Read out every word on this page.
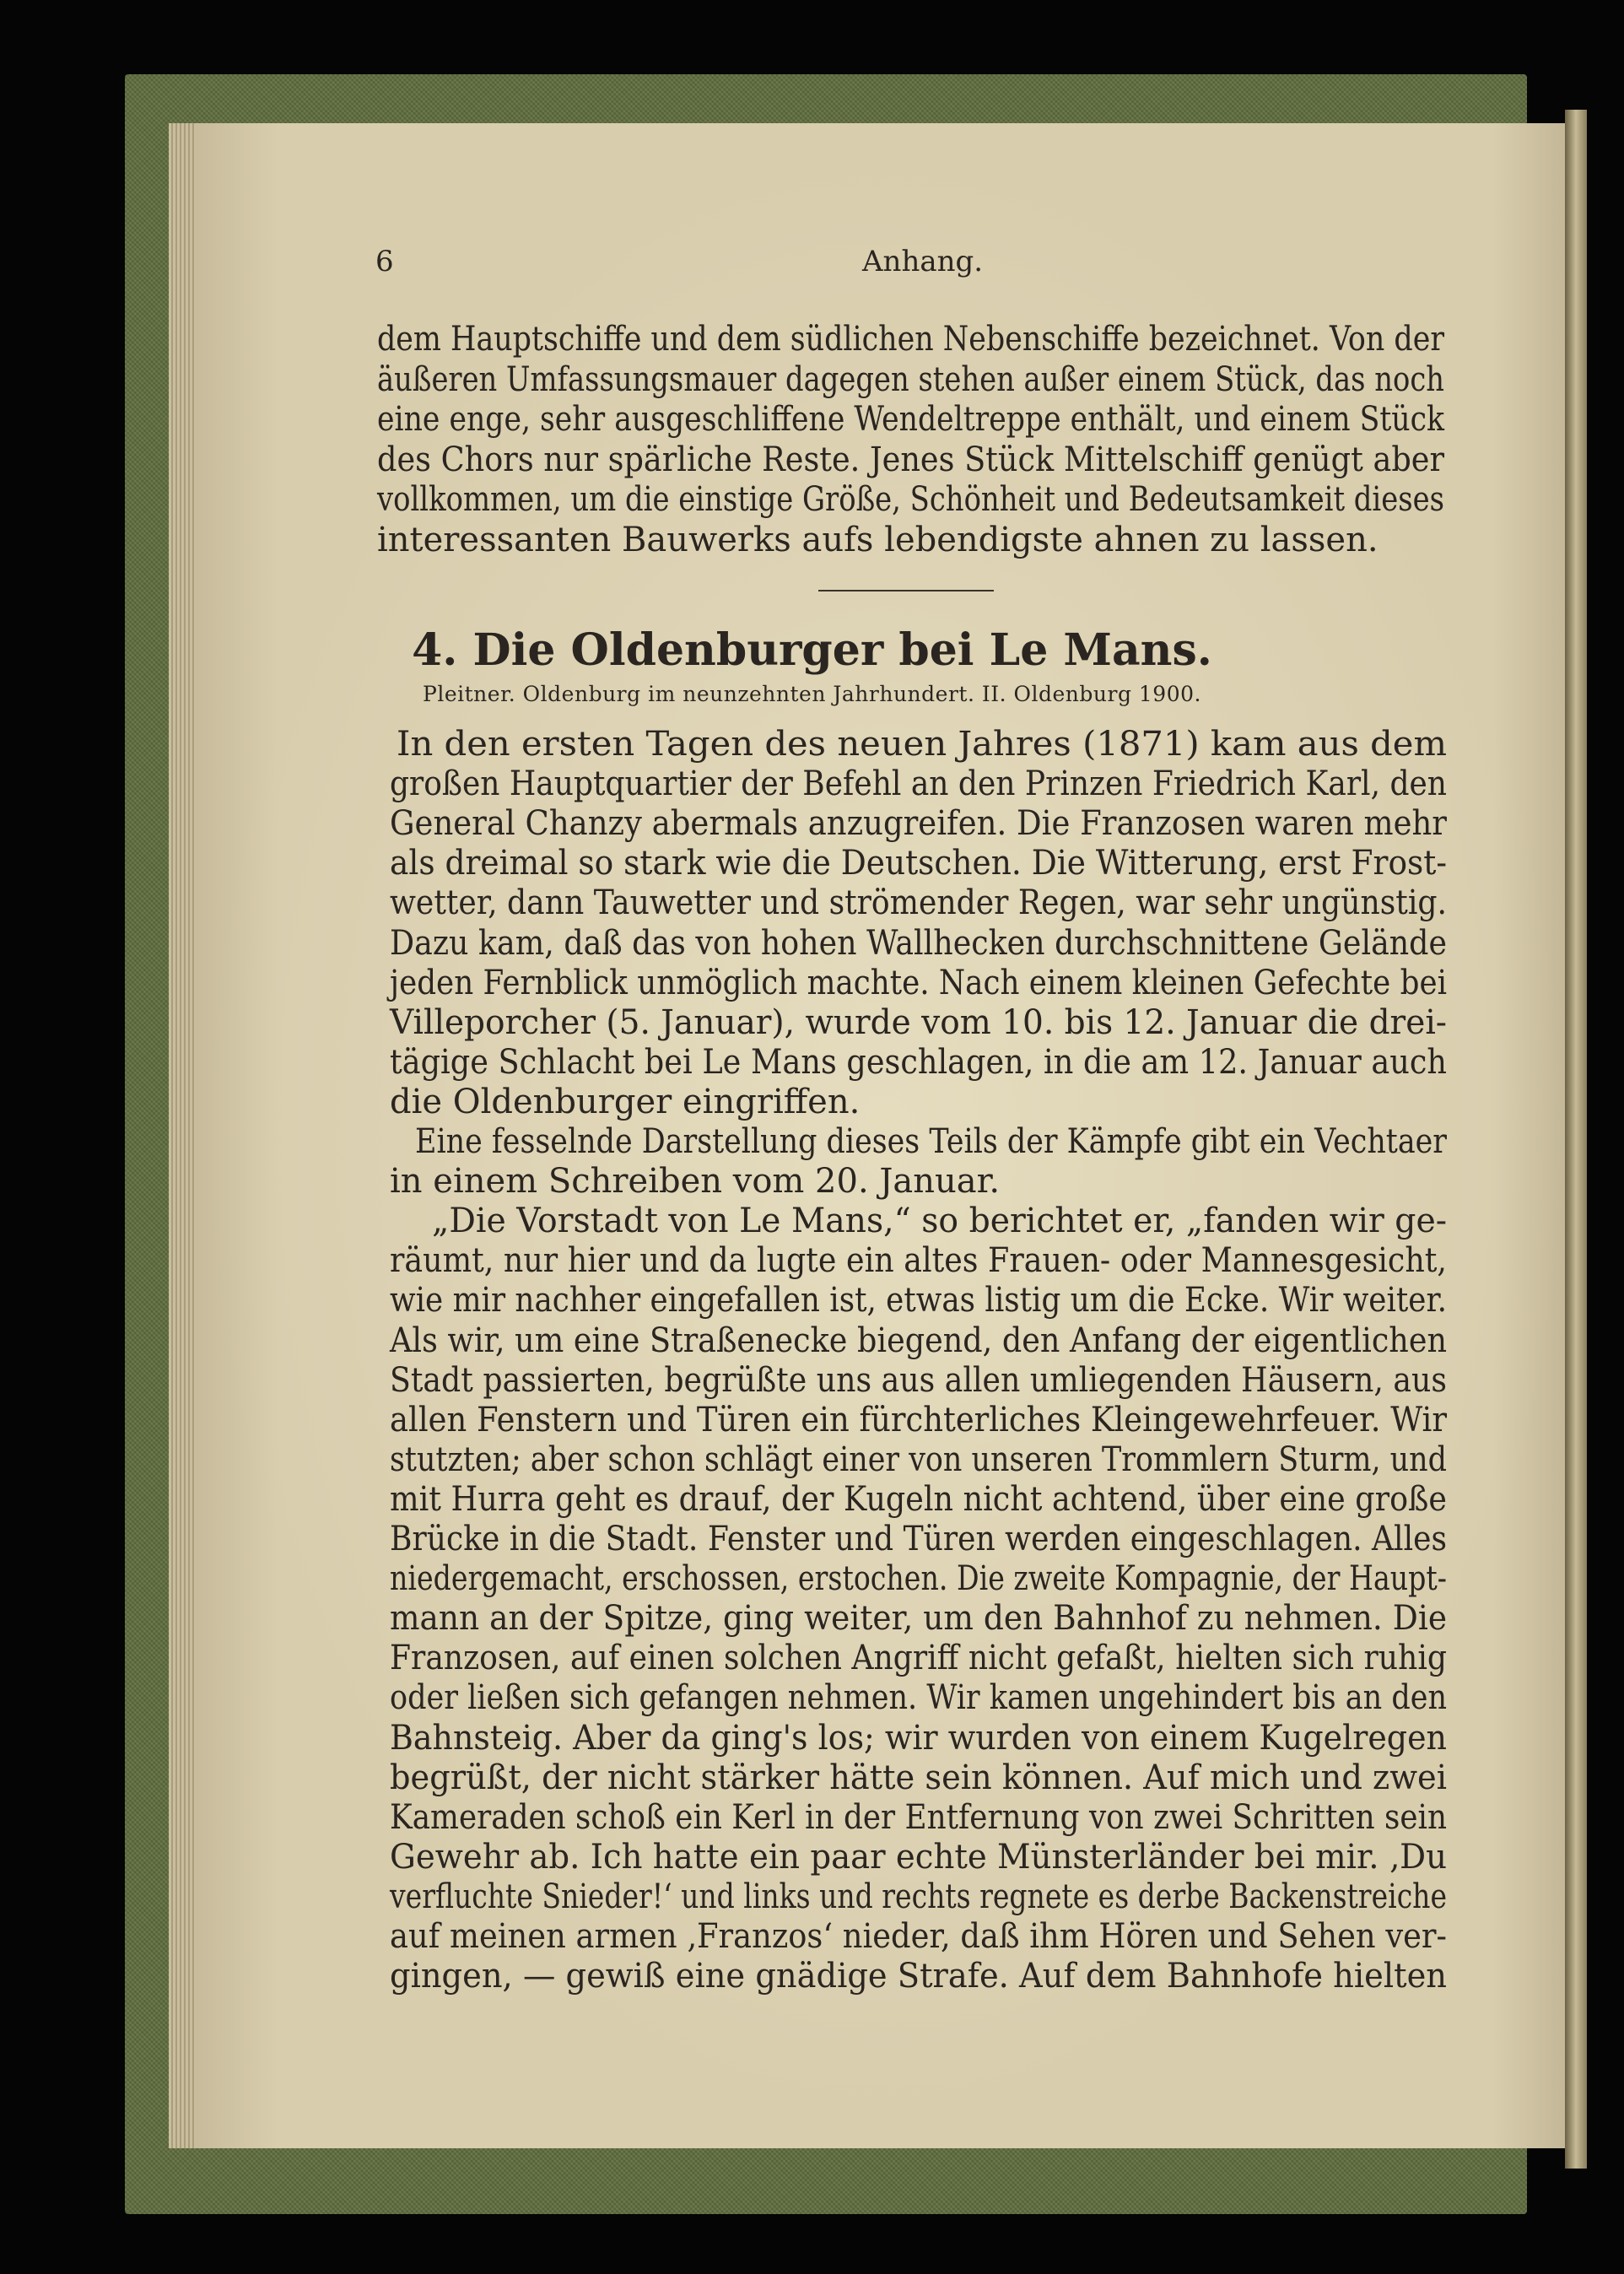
6	Anhang.
dem Hauptschiffe und dem südlichen Nebenschiffe bezeichnet. Von der
äußeren Umfassungsmauer dagegen stehen außer einem Stück, das noch
eine enge, sehr ausgeschliffene Wendeltreppe enthält, und einem Stück
des Chors nur spärliche Reste. Jenes Stück Mittelschiff genügt aber
vollkommen, um die einstige Größe, Schönheit und Bedeutsamkeit dieses
interessanten Bauwerks aufs lebendigste ahnen zu lassen.
4. Die Oldenburger bei Le Mans.
Pleitner. Oldenburg im neunzehnten Jahrhundert. II. Oldenburg 1900.
In den ersten Tagen des neuen Jahres (1871) kam aus dem
großen Hauptquartier der Befehl an den Prinzen Friedrich Karl, den
General Chanzy abermals anzugreifen. Die Franzosen waren mehr
als dreimal so stark wie die Deutschen. Die Witterung, erst Frost-
wetter, dann Tauwetter und strömender Regen, war sehr ungünstig.
Dazu kam, daß das von hohen Wallhecken durchschnittene Gelände
jeden Fernblick unmöglich machte. Nach einem kleinen Gefechte bei
Villeporcher (5. Januar), wurde vom 10. bis 12. Januar die drei-
tägige Schlacht bei Le Mans geschlagen, in die am 12. Januar auch
die Oldenburger eingriffen.
Eine fesselnde Darstellung dieses Teils der Kämpfe gibt ein Vechtaer
in einem Schreiben vom 20. Januar.
„Die Vorstadt von Le Mans,“ so berichtet er, „fanden wir ge-
räumt, nur hier und da lugte ein altes Frauen- oder Mannesgesicht,
wie mir nachher eingefallen ist, etwas listig um die Ecke. Wir weiter.
Als wir, um eine Straßenecke biegend, den Anfang der eigentlichen
Stadt passierten, begrüßte uns aus allen umliegenden Häusern, aus
allen Fenstern und Türen ein fürchterliches Kleingewehrfeuer. Wir
stutzten; aber schon schlägt einer von unseren Trommlern Sturm, und
mit Hurra geht es drauf, der Kugeln nicht achtend, über eine große
Brücke in die Stadt. Fenster und Türen werden eingeschlagen. Alles
niedergemacht, erschossen, erstochen. Die zweite Kompagnie, der Haupt-
mann an der Spitze, ging weiter, um den Bahnhof zu nehmen. Die
Franzosen, auf einen solchen Angriff nicht gefaßt, hielten sich ruhig
oder ließen sich gefangen nehmen. Wir kamen ungehindert bis an den
Bahnsteig. Aber da ging's los; wir wurden von einem Kugelregen
begrüßt, der nicht stärker hätte sein können. Auf mich und zwei
Kameraden schoß ein Kerl in der Entfernung von zwei Schritten sein
Gewehr ab. Ich hatte ein paar echte Münsterländer bei mir. ‚Du
verfluchte Snieder!‘ und links und rechts regnete es derbe Backenstreiche
auf meinen armen ‚Franzos‘ nieder, daß ihm Hören und Sehen ver-
gingen, — gewiß eine gnädige Strafe. Auf dem Bahnhofe hielten
